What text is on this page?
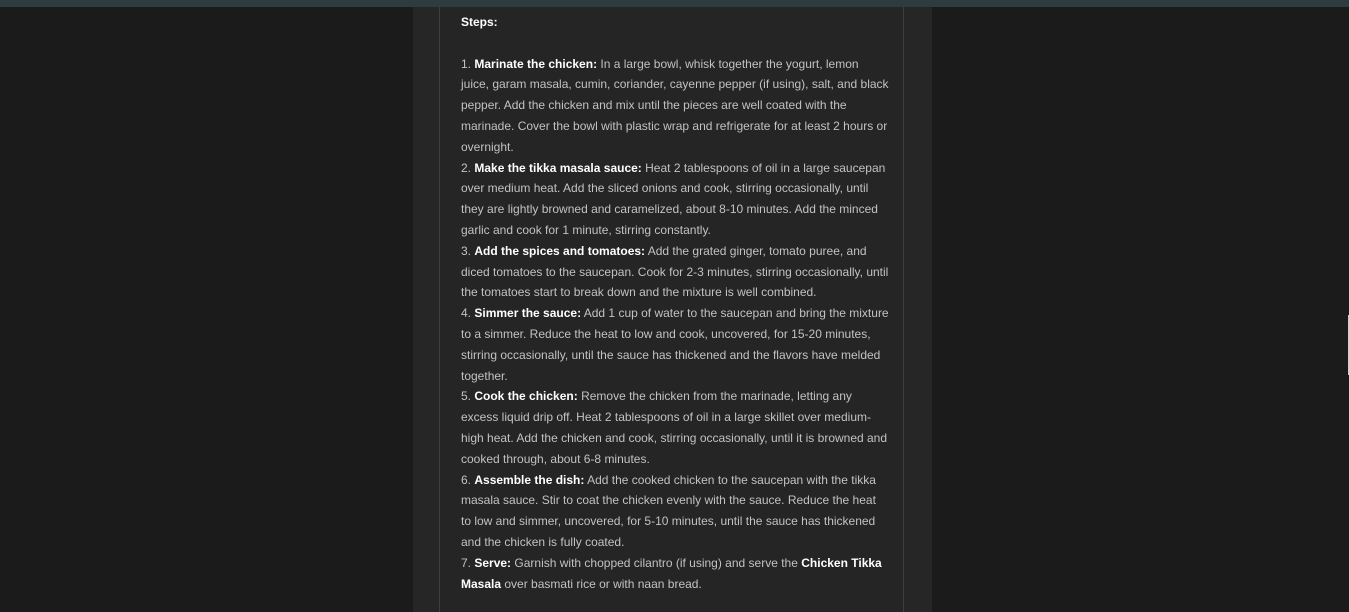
Steps:

1. Marinate the chicken: In a large bowl, whisk together the yogurt, lemon juice, garam masala, cumin, coriander, cayenne pepper (if using), salt, and black pepper. Add the chicken and mix until the pieces are well coated with the marinade. Cover the bowl with plastic wrap and refrigerate for at least 2 hours or overnight.

2. Make the tikka masala sauce: Heat 2 tablespoons of oil in a large saucepan over medium heat. Add the sliced onions and cook, stirring occasionally, until they are lightly browned and caramelized, about 8-10 minutes. Add the minced garlic and cook for 1 minute, stirring constantly.

3. Add the spices and tomatoes: Add the grated ginger, tomato puree, and diced tomatoes to the saucepan. Cook for 2-3 minutes, stirring occasionally, until the tomatoes start to break down and the mixture is well combined.

4. Simmer the sauce: Add 1 cup of water to the saucepan and bring the mixture to a simmer. Reduce the heat to low and cook, uncovered, for 15-20 minutes, stirring occasionally, until the sauce has thickened and the flavors have melded together.

5. Cook the chicken: Remove the chicken from the marinade, letting any excess liquid drip off. Heat 2 tablespoons of oil in a large skillet over medium-high heat. Add the chicken and cook, stirring occasionally, until it is browned and cooked through, about 6-8 minutes.

6. Assemble the dish: Add the cooked chicken to the saucepan with the tikka masala sauce. Stir to coat the chicken evenly with the sauce. Reduce the heat to low and simmer, uncovered, for 5-10 minutes, until the sauce has thickened and the chicken is fully coated.

7. Serve: Garnish with chopped cilantro (if using) and serve the Chicken Tikka Masala over basmati rice or with naan bread.
